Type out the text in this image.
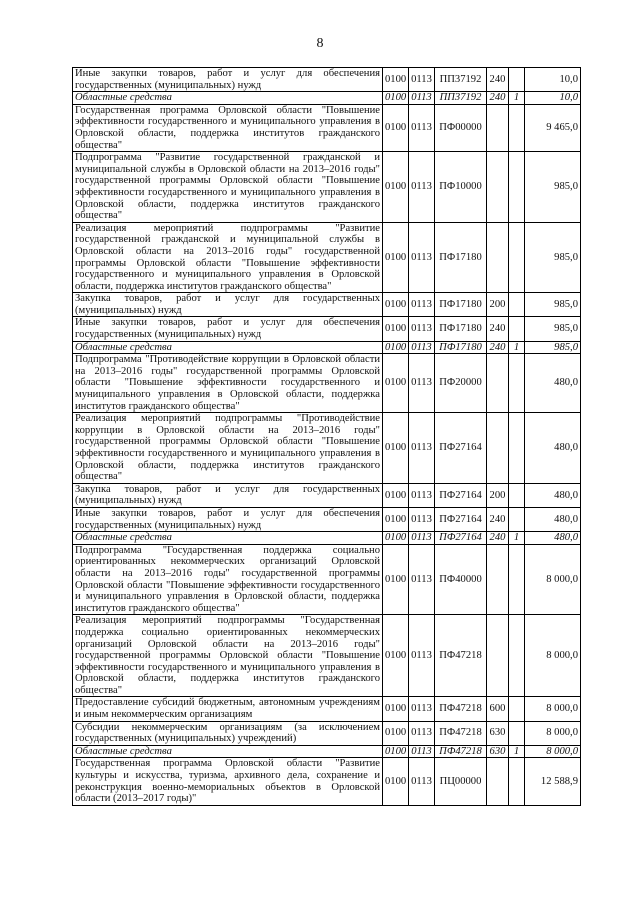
8
Иные закупки товаров, работ и услуг для обеспечения государственных (муниципальных) нужд	0100	0113	ПП37192	240		10,0
Областные средства	0100	0113	ПП37192	240	1	10,0
Государственная программа Орловской области "Повышение эффективности государственного и муниципального управления в Орловской области, поддержка институтов гражданского общества"	0100	0113	ПФ00000			9 465,0
Подпрограмма "Развитие государственной гражданской и муниципальной службы в Орловской области на 2013–2016 годы" государственной программы Орловской области "Повышение эффективности государственного и муниципального управления в Орловской области, поддержка институтов гражданского общества"	0100	0113	ПФ10000			985,0
Реализация мероприятий подпрограммы "Развитие государственной гражданской и муниципальной службы в Орловской области на 2013–2016 годы" государственной программы Орловской области "Повышение эффективности государственного и муниципального управления в Орловской области, поддержка институтов гражданского общества"	0100	0113	ПФ17180			985,0
Закупка товаров, работ и услуг для государственных (муниципальных) нужд	0100	0113	ПФ17180	200		985,0
Иные закупки товаров, работ и услуг для обеспечения государственных (муниципальных) нужд	0100	0113	ПФ17180	240		985,0
Областные средства	0100	0113	ПФ17180	240	1	985,0
Подпрограмма "Противодействие коррупции в Орловской области на 2013–2016 годы" государственной программы Орловской области "Повышение эффективности государственного и муниципального управления в Орловской области, поддержка институтов гражданского общества"	0100	0113	ПФ20000			480,0
Реализация мероприятий подпрограммы "Противодействие коррупции в Орловской области на 2013–2016 годы" государственной программы Орловской области "Повышение эффективности государственного и муниципального управления в Орловской области, поддержка институтов гражданского общества"	0100	0113	ПФ27164			480,0
Закупка товаров, работ и услуг для государственных (муниципальных) нужд	0100	0113	ПФ27164	200		480,0
Иные закупки товаров, работ и услуг для обеспечения государственных (муниципальных) нужд	0100	0113	ПФ27164	240		480,0
Областные средства	0100	0113	ПФ27164	240	1	480,0
Подпрограмма "Государственная поддержка социально ориентированных некоммерческих организаций Орловской области на 2013–2016 годы" государственной программы Орловской области "Повышение эффективности государственного и муниципального управления в Орловской области, поддержка институтов гражданского общества"	0100	0113	ПФ40000			8 000,0
Реализация мероприятий подпрограммы "Государственная поддержка социально ориентированных некоммерческих организаций Орловской области на 2013–2016 годы" государственной программы Орловской области "Повышение эффективности государственного и муниципального управления в Орловской области, поддержка институтов гражданского общества"	0100	0113	ПФ47218			8 000,0
Предоставление субсидий бюджетным, автономным учреждениям и иным некоммерческим организациям	0100	0113	ПФ47218	600		8 000,0
Субсидии некоммерческим организациям (за исключением государственных (муниципальных) учреждений)	0100	0113	ПФ47218	630		8 000,0
Областные средства	0100	0113	ПФ47218	630	1	8 000,0
Государственная программа Орловской области "Развитие культуры и искусства, туризма, архивного дела, сохранение и реконструкция военно-мемориальных объектов в Орловской области (2013–2017 годы)"	0100	0113	ПЦ00000			12 588,9
